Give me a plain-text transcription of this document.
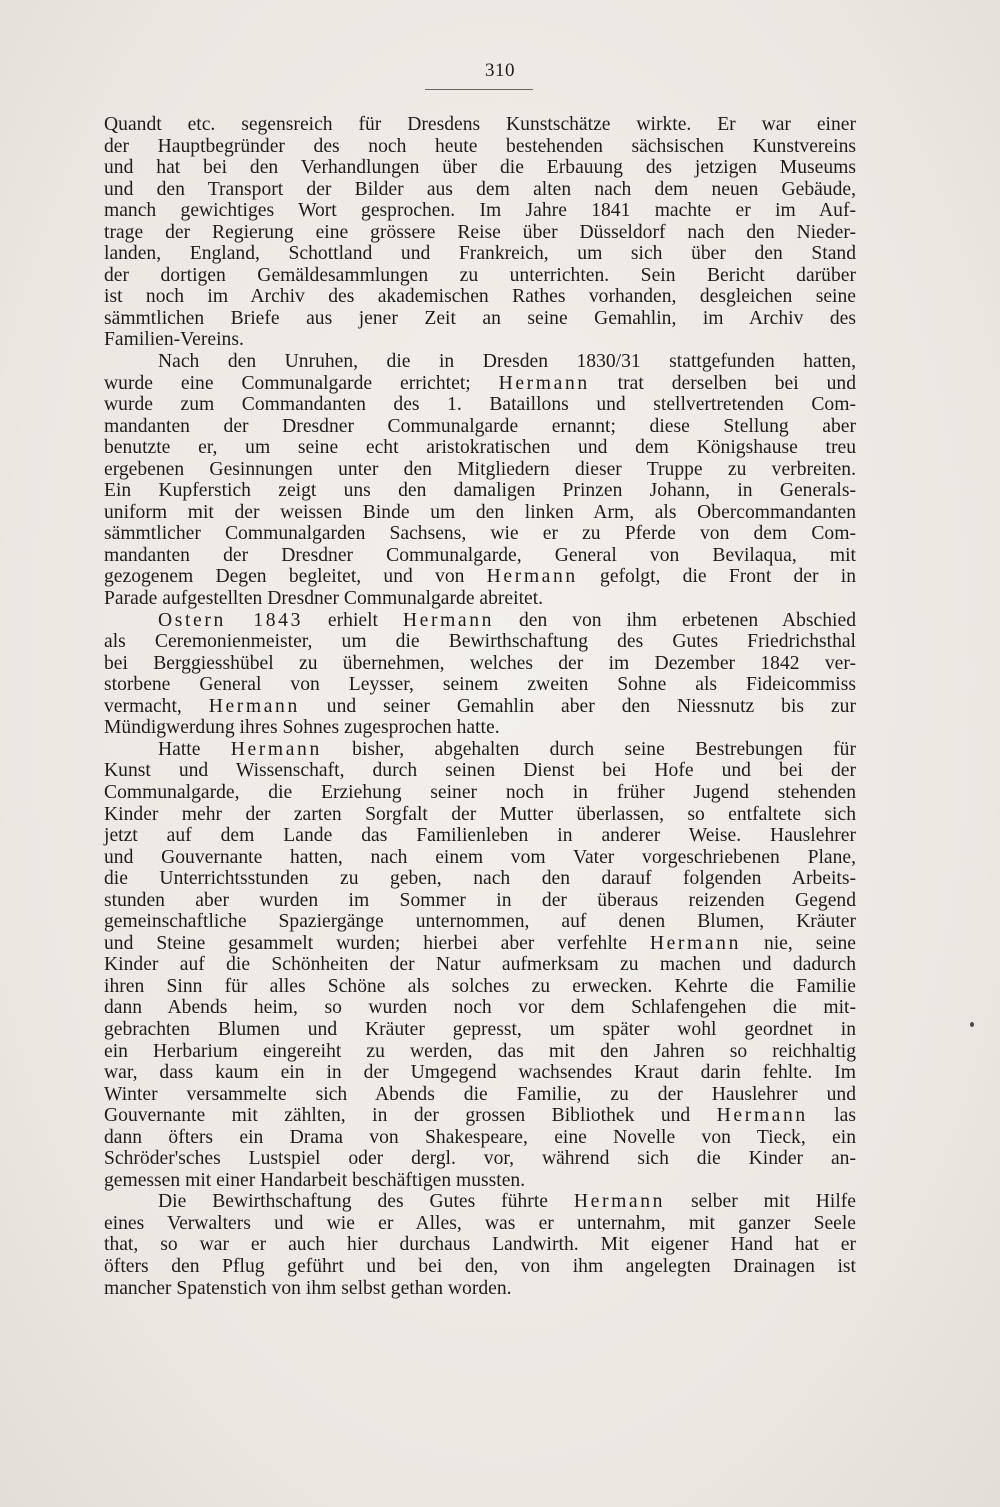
310
Quandt etc. segensreich für Dresdens Kunstschätze wirkte. Er war einer
der Hauptbegründer des noch heute bestehenden sächsischen Kunstvereins
und hat bei den Verhandlungen über die Erbauung des jetzigen Museums
und den Transport der Bilder aus dem alten nach dem neuen Gebäude,
manch gewichtiges Wort gesprochen. Im Jahre 1841 machte er im Auf-
trage der Regierung eine grössere Reise über Düsseldorf nach den Nieder-
landen, England, Schottland und Frankreich, um sich über den Stand
der dortigen Gemäldesammlungen zu unterrichten. Sein Bericht darüber
ist noch im Archiv des akademischen Rathes vorhanden, desgleichen seine
sämmtlichen Briefe aus jener Zeit an seine Gemahlin, im Archiv des
Familien-Vereins.
Nach den Unruhen, die in Dresden 1830/31 stattgefunden hatten,
wurde eine Communalgarde errichtet; Hermann trat derselben bei und
wurde zum Commandanten des 1. Bataillons und stellvertretenden Com-
mandanten der Dresdner Communalgarde ernannt; diese Stellung aber
benutzte er, um seine echt aristokratischen und dem Königshause treu
ergebenen Gesinnungen unter den Mitgliedern dieser Truppe zu verbreiten.
Ein Kupferstich zeigt uns den damaligen Prinzen Johann, in Generals-
uniform mit der weissen Binde um den linken Arm, als Obercommandanten
sämmtlicher Communalgarden Sachsens, wie er zu Pferde von dem Com-
mandanten der Dresdner Communalgarde, General von Bevilaqua, mit
gezogenem Degen begleitet, und von Hermann gefolgt, die Front der in
Parade aufgestellten Dresdner Communalgarde abreitet.
Ostern 1843 erhielt Hermann den von ihm erbetenen Abschied
als Ceremonienmeister, um die Bewirthschaftung des Gutes Friedrichsthal
bei Berggiesshübel zu übernehmen, welches der im Dezember 1842 ver-
storbene General von Leysser, seinem zweiten Sohne als Fideicommiss
vermacht, Hermann und seiner Gemahlin aber den Niessnutz bis zur
Mündigwerdung ihres Sohnes zugesprochen hatte.
Hatte Hermann bisher, abgehalten durch seine Bestrebungen für
Kunst und Wissenschaft, durch seinen Dienst bei Hofe und bei der
Communalgarde, die Erziehung seiner noch in früher Jugend stehenden
Kinder mehr der zarten Sorgfalt der Mutter überlassen, so entfaltete sich
jetzt auf dem Lande das Familienleben in anderer Weise. Hauslehrer
und Gouvernante hatten, nach einem vom Vater vorgeschriebenen Plane,
die Unterrichtsstunden zu geben, nach den darauf folgenden Arbeits-
stunden aber wurden im Sommer in der überaus reizenden Gegend
gemeinschaftliche Spaziergänge unternommen, auf denen Blumen, Kräuter
und Steine gesammelt wurden; hierbei aber verfehlte Hermann nie, seine
Kinder auf die Schönheiten der Natur aufmerksam zu machen und dadurch
ihren Sinn für alles Schöne als solches zu erwecken. Kehrte die Familie
dann Abends heim, so wurden noch vor dem Schlafengehen die mit-
gebrachten Blumen und Kräuter gepresst, um später wohl geordnet in
ein Herbarium eingereiht zu werden, das mit den Jahren so reichhaltig
war, dass kaum ein in der Umgegend wachsendes Kraut darin fehlte. Im
Winter versammelte sich Abends die Familie, zu der Hauslehrer und
Gouvernante mit zählten, in der grossen Bibliothek und Hermann las
dann öfters ein Drama von Shakespeare, eine Novelle von Tieck, ein
Schröder'sches Lustspiel oder dergl. vor, während sich die Kinder an-
gemessen mit einer Handarbeit beschäftigen mussten.
Die Bewirthschaftung des Gutes führte Hermann selber mit Hilfe
eines Verwalters und wie er Alles, was er unternahm, mit ganzer Seele
that, so war er auch hier durchaus Landwirth. Mit eigener Hand hat er
öfters den Pflug geführt und bei den, von ihm angelegten Drainagen ist
mancher Spatenstich von ihm selbst gethan worden.
